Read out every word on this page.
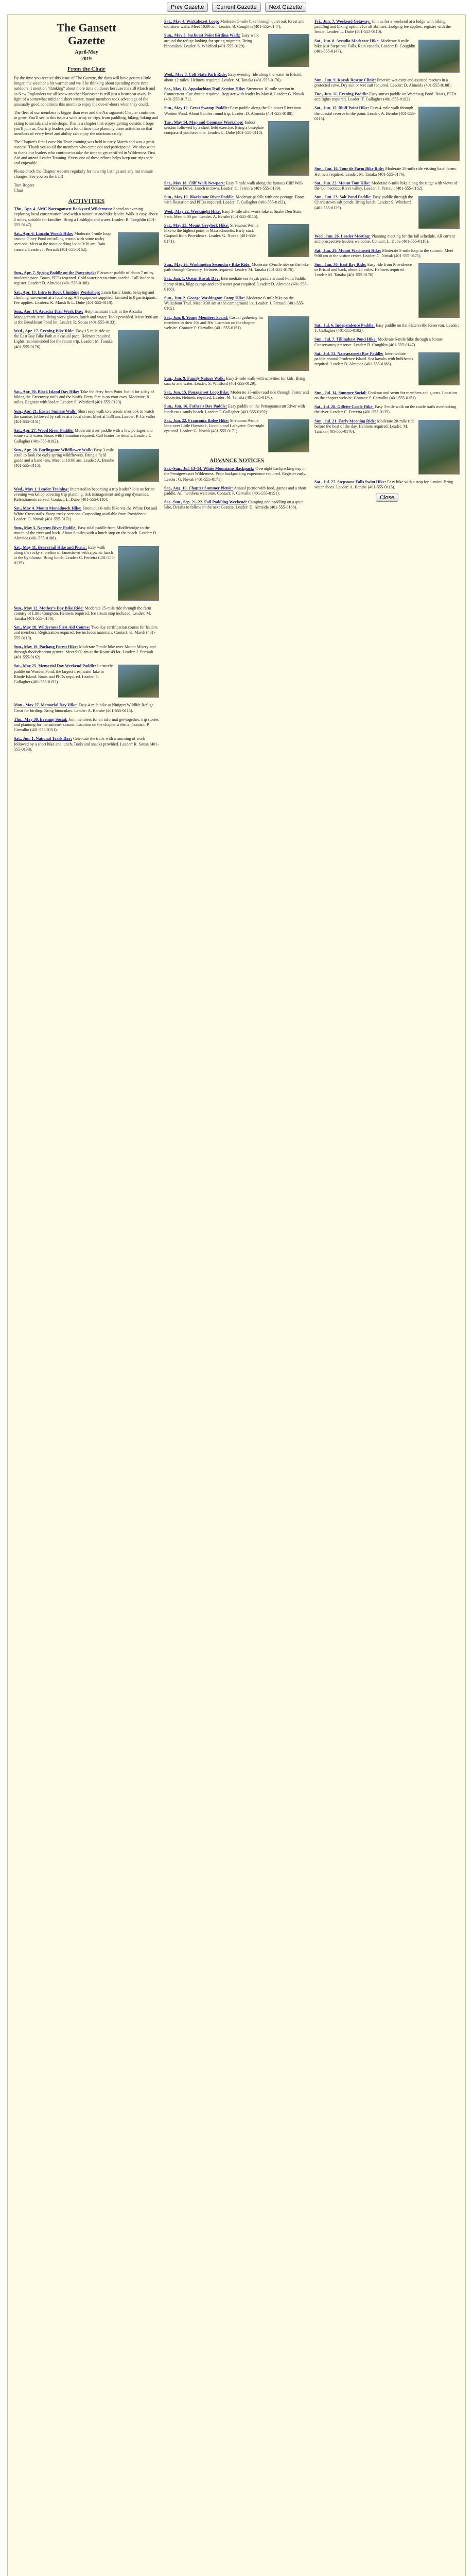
Prev Gazette Current Gazette Next Gazette
The Gansett
Gazette
April-May
2019
From the Chair

By the time you receive this issue of The Gazette, the days will have gotten a little longer, the weather a bit warmer and we'll be thinking about spending more time outdoors. I mention "thinking" about more time outdoors because it's still March and as New Englanders we all know another Nor'easter is still just a heartbeat away. In light of a somewhat mild and short winter, many members took advantage of the unusually good conditions this month to enjoy the out-of-doors when they could.

The fleet of our members is bigger than ever and the Narragansett Chapter continues to grow. You'll see in this issue a wide array of trips, from paddling, hiking, biking and skiing to socials and workshops. This is a chapter that enjoys getting outside. I hope you'll join us. Our trip leaders put a lot of time into planning these activities so that members of every level and ability can enjoy the outdoors safely.

The Chapter's first Leave No Trace training was held in early March and was a great success. Thank you to all the members who came out and participated. We also want to thank our leaders who continue to take the time to get certified in Wilderness First Aid and attend Leader Training. Every one of these efforts helps keep our trips safe and enjoyable.

Please check the Chapter website regularly for new trip listings and any last minute changes. See you on the trail!

Tom Rogers
Chair
ACTIVITIES
Thu., Apr. 4. AMC Narragansett Backyard Wilderness: Spend an evening exploring local conservation land with a naturalist and hike leader. Walk is easy, about 2 miles, suitable for families. Bring a flashlight and water. Leader: B. Coughlin (401-555-0147).
Sat., Apr. 6. Lincoln Woods Hike: Moderate 4-mile loop around Olney Pond on rolling terrain with some rocky sections. Meet at the main parking lot at 9:30 am. Rain cancels. Leader: J. Perrault (401-555-0162).
Sun., Apr. 7. Spring Paddle on the Pawcatuck: Flatwater paddle of about 7 miles, moderate pace. Boats, PFDs required. Cold water precautions needed. Call leader to register. Leader: D. Almeida (401-555-0188).
Sat., Apr. 13. Intro to Rock Climbing Workshop: Learn basic knots, belaying and climbing movement at a local crag. All equipment supplied. Limited to 8 participants. Fee applies. Leaders: K. Marsh & L. Dube (401-555-0110).
Sun., Apr. 14. Arcadia Trail Work Day: Help maintain trails in the Arcadia Management Area. Bring work gloves, lunch and water. Tools provided. Meet 9:00 am at the Breakheart Pond lot. Leader: R. Sousa (401-555-0133).
Wed., Apr. 17. Evening Bike Ride: Easy 15-mile ride on the East Bay Bike Path at a casual pace. Helmets required. Lights recommended for the return trip. Leader: M. Tanaka (401-555-0176).
Sat., Apr. 20. Block Island Day Hike: Take the ferry from Point Judith for a day of hiking the Greenway trails and the bluffs. Ferry fare is on your own. Moderate, 8 miles. Register with leader. Leader: S. Whitford (401-555-0129).
Sun., Apr. 21. Easter Sunrise Walk: Short easy walk to a scenic overlook to watch the sunrise, followed by coffee at a local diner. Meet at 5:30 am. Leader: P. Carvalho (401-555-0151).
Sat., Apr. 27. Wood River Paddle: Moderate river paddle with a few portages and some swift water. Boats with floatation required. Call leader for details. Leader: T. Gallagher (401-555-0192).
Sun., Apr. 28. Burlingame Wildflower Walk: Easy 3-mile stroll to look for early spring wildflowers. Bring a field guide and a hand lens. Meet at 10:00 am. Leader: A. Berube (401-555-0115).
Wed., May 1. Leader Training: Interested in becoming a trip leader? Join us for an evening workshop covering trip planning, risk management and group dynamics. Refreshments served. Contact: L. Dube (401-555-0110).
Sat., May 4. Mount Monadnock Hike: Strenuous 6-mile hike via the White Dot and White Cross trails. Steep rocky sections. Carpooling available from Providence. Leader: G. Novak (401-555-0171).
Sun., May 5. Narrow River Paddle: Easy tidal paddle from Middlebridge to the mouth of the river and back. About 6 miles with a lunch stop on the beach. Leader: D. Almeida (401-555-0188).
Sat., May 11. Beavertail Hike and Picnic: Easy walk along the rocky shoreline of Jamestown with a picnic lunch at the lighthouse. Bring lunch. Leader: C. Ferreira (401-555-0139).
Sun., May 12. Mother's Day Bike Ride: Moderate 25-mile ride through the farm country of Little Compton. Helmets required. Ice cream stop included. Leader: M. Tanaka (401-555-0176).
Sat., May 18. Wilderness First Aid Course: Two-day certification course for leaders and members. Registration required; fee includes materials. Contact: K. Marsh (401-555-0110).
Sun., May 19. Pachaug Forest Hike: Moderate 7-mile hike over Mount Misery and through rhododendron groves. Meet 9:00 am at the Route 49 lot. Leader: J. Perrault (401-555-0162).
Sat., May 25. Memorial Day Weekend Paddle: Leisurely paddle on Worden Pond, the largest freshwater lake in Rhode Island. Boats and PFDs required. Leader: T. Gallagher (401-555-0192).
Mon., May 27. Memorial Day Hike: Easy 4-mile hike at Ninigret Wildlife Refuge. Great for birding. Bring binoculars. Leader: A. Berube (401-555-0115).
Thu., May 30. Evening Social: Join members for an informal get-together, trip stories and planning for the summer season. Location on the chapter website. Contact: P. Carvalho (401-555-0151).
Sat., Jun. 1. National Trails Day: Celebrate the trails with a morning of work followed by a short hike and lunch. Tools and snacks provided. Leader: R. Sousa (401-555-0133).
Sat., May 4. Wickaboxet Loop: Moderate 5-mile hike through quiet oak forest and old stone walls. Meet 10:00 am. Leader: B. Coughlin (401-555-0147).
Sun., May 5. Sachuest Point Birding Walk: Easy walk around the refuge looking for spring migrants. Bring binoculars. Leader: S. Whitford (401-555-0129).
Wed., May 8. Colt State Park Ride: Easy evening ride along the water in Bristol, about 12 miles. Helmets required. Leader: M. Tanaka (401-555-0176).
Sat., May 11. Appalachian Trail Section Hike: Strenuous 10-mile section in Connecticut. Car shuttle required. Register with leader by May 8. Leader: G. Novak (401-555-0171).
Sun., May 12. Great Swamp Paddle: Easy paddle along the Chipuxet River into Worden Pond. About 8 miles round trip. Leader: D. Almeida (401-555-0188).
Tue., May 14. Map and Compass Workshop: Indoor session followed by a short field exercise. Bring a baseplate compass if you have one. Leader: L. Dube (401-555-0110).
Sat., May 18. Cliff Walk Newport: Easy 7-mile walk along the famous Cliff Walk and Ocean Drive. Lunch in town. Leader: C. Ferreira (401-555-0139).
Sun., May 19. Blackstone River Paddle: Moderate paddle with one portage. Boats with floatation and PFDs required. Leader: T. Gallagher (401-555-0192).
Wed., May 22. Weeknight Hike: Easy 3-mile after-work hike at Snake Den State Park. Meet 6:00 pm. Leader: A. Berube (401-555-0115).
Sat., May 25. Mount Greylock Hike: Strenuous 9-mile hike to the highest point in Massachusetts. Early start. Carpool from Providence. Leader: G. Novak (401-555-0171).
Sun., May 26. Washington Secondary Bike Ride: Moderate 30-mile ride on the bike path through Coventry. Helmets required. Leader: M. Tanaka (401-555-0176).
Sat., Jun. 1. Ocean Kayak Day: Intermediate sea kayak paddle around Point Judith. Spray skirts, bilge pumps and cold water gear required. Leader: D. Almeida (401-555-0188).
Sun., Jun. 2. George Washington Camp Hike: Moderate 6-mile hike on the Walkabout Trail. Meet 9:30 am at the campground lot. Leader: J. Perrault (401-555-0162).
Sat., Jun. 8. Young Members Social: Casual gathering for members in their 20s and 30s. Location on the chapter website. Contact: P. Carvalho (401-555-0151).
Sun., Jun. 9. Family Nature Walk: Easy 2-mile walk with activities for kids. Bring snacks and water. Leader: S. Whitford (401-555-0129).
Sat., Jun. 15. Ponaganset Loop Bike: Moderate 35-mile road ride through Foster and Glocester. Helmets required. Leader: M. Tanaka (401-555-0176).
Sun., Jun. 16. Father's Day Paddle: Easy paddle on the Pettaquamscutt River with lunch on a sandy beach. Leader: T. Gallagher (401-555-0192).
Sat., Jun. 22. Franconia Ridge Hike: Strenuous 9-mile loop over Little Haystack, Lincoln and Lafayette. Overnight optional. Leader: G. Novak (401-555-0171).
ADVANCE NOTICES
Sat.–Sun., Jul. 13–14. White Mountains Backpack: Overnight backpacking trip in the Pemigewasset Wilderness. Prior backpacking experience required. Register early. Leader: G. Novak (401-555-0171).
Sat., Aug. 10. Chapter Summer Picnic: Annual picnic with food, games and a short paddle. All members welcome. Contact: P. Carvalho (401-555-0151).
Sat.–Sun., Sep. 21–22. Fall Paddling Weekend: Camping and paddling on a quiet lake. Details to follow in the next Gazette. Leader: D. Almeida (401-555-0188).
Fri., Jun. 7. Weekend Getaway: Join us for a weekend at a lodge with hiking, paddling and biking options for all abilities. Lodging fee applies; register with the leader. Leader: L. Dube (401-555-0110).
Sat., Jun. 8. Arcadia Moderate Hike: Moderate 8-mile hike past Stepstone Falls. Rain cancels. Leader: B. Coughlin (401-555-0147).
Sun., Jun. 9. Kayak Rescue Clinic: Practice wet exits and assisted rescues in a protected cove. Dry suit or wet suit required. Leader: D. Almeida (401-555-0188).
Tue., Jun. 11. Evening Paddle: Easy sunset paddle on Watchaug Pond. Boats, PFDs and lights required. Leader: T. Gallagher (401-555-0192).
Sat., Jun. 15. Bluff Point Hike: Easy 4-mile walk through the coastal reserve to the point. Leader: A. Berube (401-555-0115).
Sun., Jun. 16. Tour de Farm Bike Ride: Moderate 28-mile ride visiting local farms. Helmets required. Leader: M. Tanaka (401-555-0176).
Sat., Jun. 22. Mount Tom Hike: Moderate 6-mile hike along the ridge with views of the Connecticut River valley. Leader: J. Perrault (401-555-0162).
Sun., Jun. 23. Salt Pond Paddle: Easy paddle through the Charlestown salt ponds. Bring lunch. Leader: S. Whitford (401-555-0129).
Wed., Jun. 26. Leader Meeting: Planning meeting for the fall schedule. All current and prospective leaders welcome. Contact: L. Dube (401-555-0110).
Sat., Jun. 29. Mount Wachusett Hike: Moderate 5-mile loop to the summit. Meet 9:00 am at the visitor center. Leader: G. Novak (401-555-0171).
Sun., Jun. 30. East Bay Ride: Easy ride from Providence to Bristol and back, about 28 miles. Helmets required. Leader: M. Tanaka (401-555-0176).
Sat., Jul. 6. Independence Paddle: Easy paddle on the Slatersville Reservoir. Leader: T. Gallagher (401-555-0192).
Sun., Jul. 7. Tillinghast Pond Hike: Moderate 6-mile hike through a Nature Conservancy preserve. Leader: B. Coughlin (401-555-0147).
Sat., Jul. 13. Narragansett Bay Paddle: Intermediate paddle around Prudence Island. Sea kayaks with bulkheads required. Leader: D. Almeida (401-555-0188).
Sun., Jul. 14. Summer Social: Cookout and swim for members and guests. Location on the chapter website. Contact: P. Carvalho (401-555-0151).
Sat., Jul. 20. Gillette Castle Hike: Easy 3-mile walk on the castle trails overlooking the river. Leader: C. Ferreira (401-555-0139).
Sun., Jul. 21. Early Morning Ride: Moderate 20-mile ride before the heat of the day. Helmets required. Leader: M. Tanaka (401-555-0176).
Sat., Jul. 27. Stepstone Falls Swim Hike: Easy hike with a stop for a swim. Bring water shoes. Leader: A. Berube (401-555-0115).
Close
